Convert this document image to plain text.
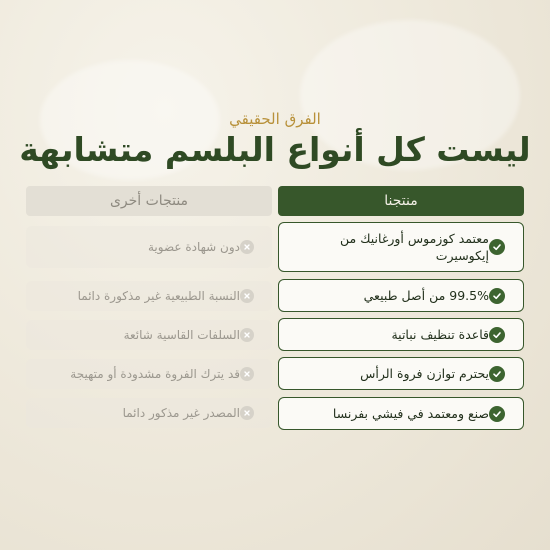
الفرق الحقيقي
ليست كل أنواع البلسم متشابهة
منتجنا
منتجات أخرى
معتمد كوزموس أورغانيك من إيكوسيرت
99.5% من أصل طبيعي
قاعدة تنظيف نباتية
يحترم توازن فروة الرأس
صنع ومعتمد في فيشي بفرنسا
دون شهادة عضوية
النسبة الطبيعية غير مذكورة دائما
السلفات القاسية شائعة
قد يترك الفروة مشدودة أو متهيجة
المصدر غير مذكور دائما
